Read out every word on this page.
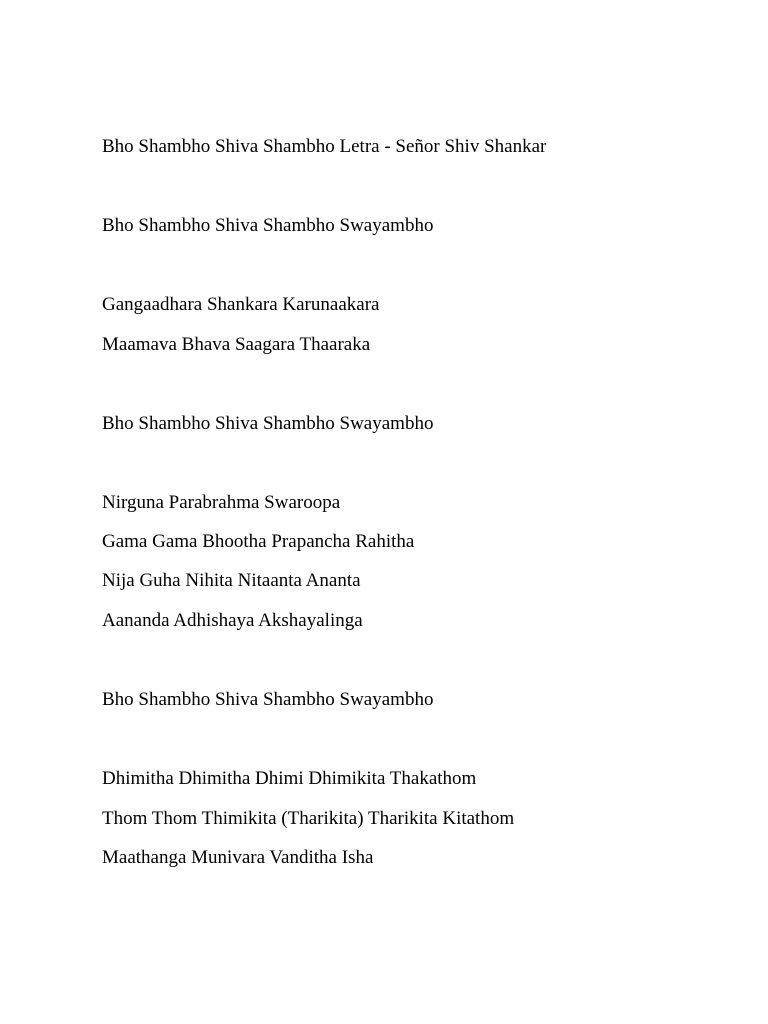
Bho Shambho Shiva Shambho Letra - Señor Shiv Shankar
Bho Shambho Shiva Shambho Swayambho
Gangaadhara Shankara Karunaakara
Maamava Bhava Saagara Thaaraka
Bho Shambho Shiva Shambho Swayambho
Nirguna Parabrahma Swaroopa
Gama Gama Bhootha Prapancha Rahitha
Nija Guha Nihita Nitaanta Ananta
Aananda Adhishaya Akshayalinga
Bho Shambho Shiva Shambho Swayambho
Dhimitha Dhimitha Dhimi Dhimikita Thakathom
Thom Thom Thimikita (Tharikita) Tharikita Kitathom
Maathanga Munivara Vanditha Isha
